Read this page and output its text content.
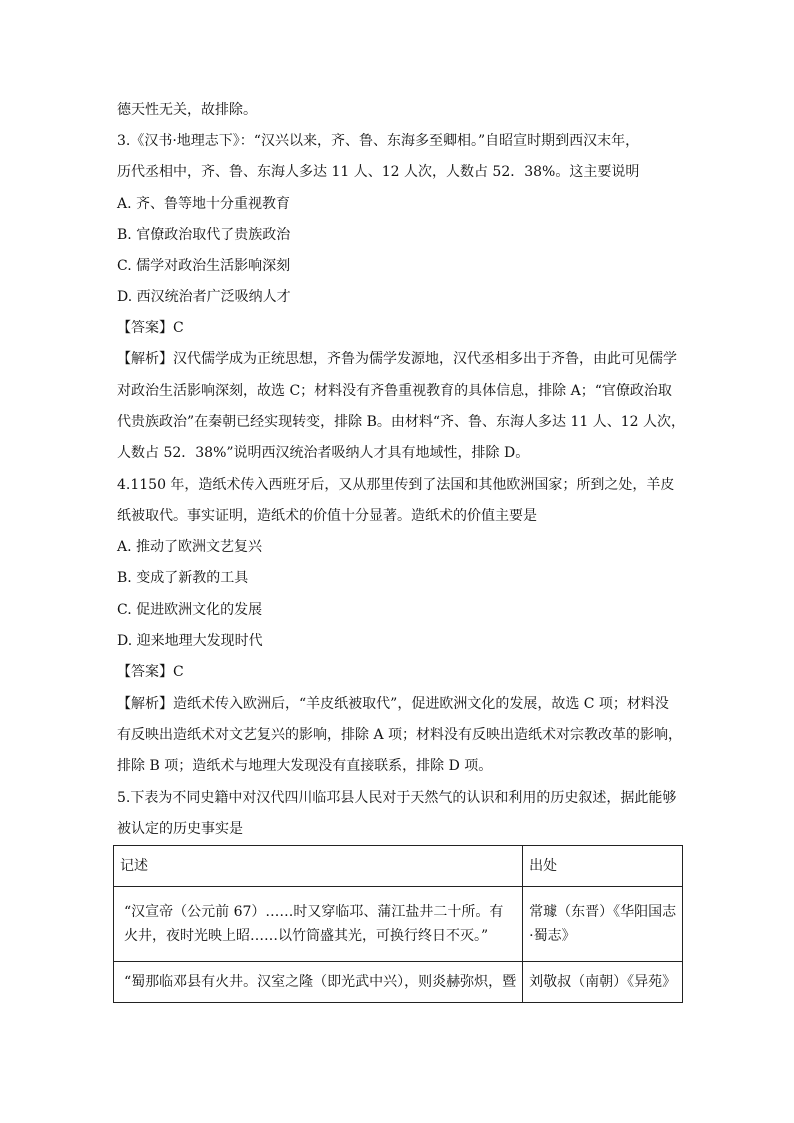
德天性无关，故排除。
3.《汉书·地理志下》：“汉兴以来，齐、鲁、东海多至卿相。”自昭宣时期到西汉末年，
历代丞相中，齐、鲁、东海人多达 11 人、12 人次，人数占 52．38%。这主要说明
A. 齐、鲁等地十分重视教育
B. 官僚政治取代了贵族政治
C. 儒学对政治生活影响深刻
D. 西汉统治者广泛吸纳人才
【答案】C
【解析】汉代儒学成为正统思想，齐鲁为儒学发源地，汉代丞相多出于齐鲁，由此可见儒学
对政治生活影响深刻，故选 C；材料没有齐鲁重视教育的具体信息，排除 A；“官僚政治取
代贵族政治”在秦朝已经实现转变，排除 B。由材料“齐、鲁、东海人多达 11 人、12 人次，
人数占 52．38%”说明西汉统治者吸纳人才具有地域性，排除 D。
4.1150 年，造纸术传入西班牙后，又从那里传到了法国和其他欧洲国家；所到之处，羊皮
纸被取代。事实证明，造纸术的价值十分显著。造纸术的价值主要是
A. 推动了欧洲文艺复兴
B. 变成了新教的工具
C. 促进欧洲文化的发展
D. 迎来地理大发现时代
【答案】C
【解析】造纸术传入欧洲后，“羊皮纸被取代”，促进欧洲文化的发展，故选 C 项；材料没
有反映出造纸术对文艺复兴的影响，排除 A 项；材料没有反映出造纸术对宗教改革的影响，
排除 B 项；造纸术与地理大发现没有直接联系，排除 D 项。
5.下表为不同史籍中对汉代四川临邛县人民对于天然气的认识和利用的历史叙述，据此能够
被认定的历史事实是
记述	出处
“汉宣帝（公元前 67）……时又穿临邛、蒲江盐井二十所。有火井，夜时光映上昭……以竹筒盛其光，可换行终日不灭。”	常璩（东晋）《华阳国志·蜀志》
“蜀那临邓县有火井。汉室之隆（即光武中兴），则炎赫弥炽，暨	刘敬叔（南朝）《异苑》
